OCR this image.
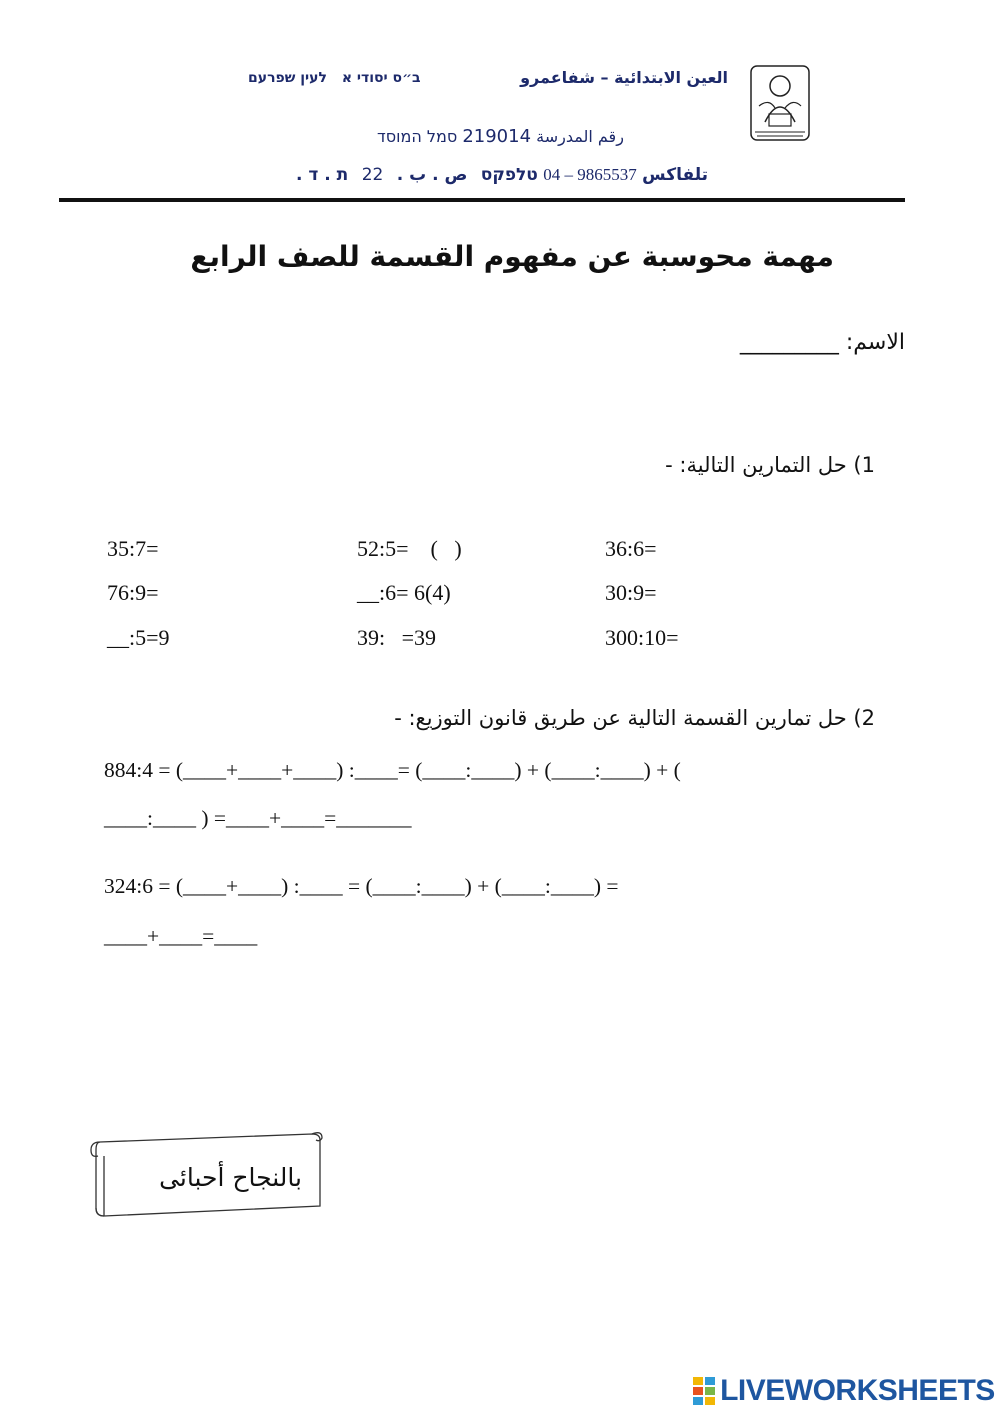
العين الابتدائية – شفاعمرو
שפרעם לעין ב״ס יסודי א
סמל המוסד 219014 رقم المدرسة
ת . ד . 22 ص . ب . טלפקס 9865537 – 04 تلفاكس
مهمة محوسبة عن مفهوم القسمة للصف الرابع
الاسم: _________
1) حل التمارين التالية: -
35:7=	52:5=    (   )	36:6=
76:9=	__:6= 6(4)	30:9=
__:5=9	39:   =39	300:10=
2) حل تمارين القسمة التالية عن طريق قانون التوزيع: -
884:4 = (____+____+____) :____= (____:____) + (____:____) + (
____:____ ) =____+____=_______
324:6 = (____+____) :____ = (____:____) + (____:____) =
____+____=____
بالنجاح أحبائى
LIVEWORKSHEETS
